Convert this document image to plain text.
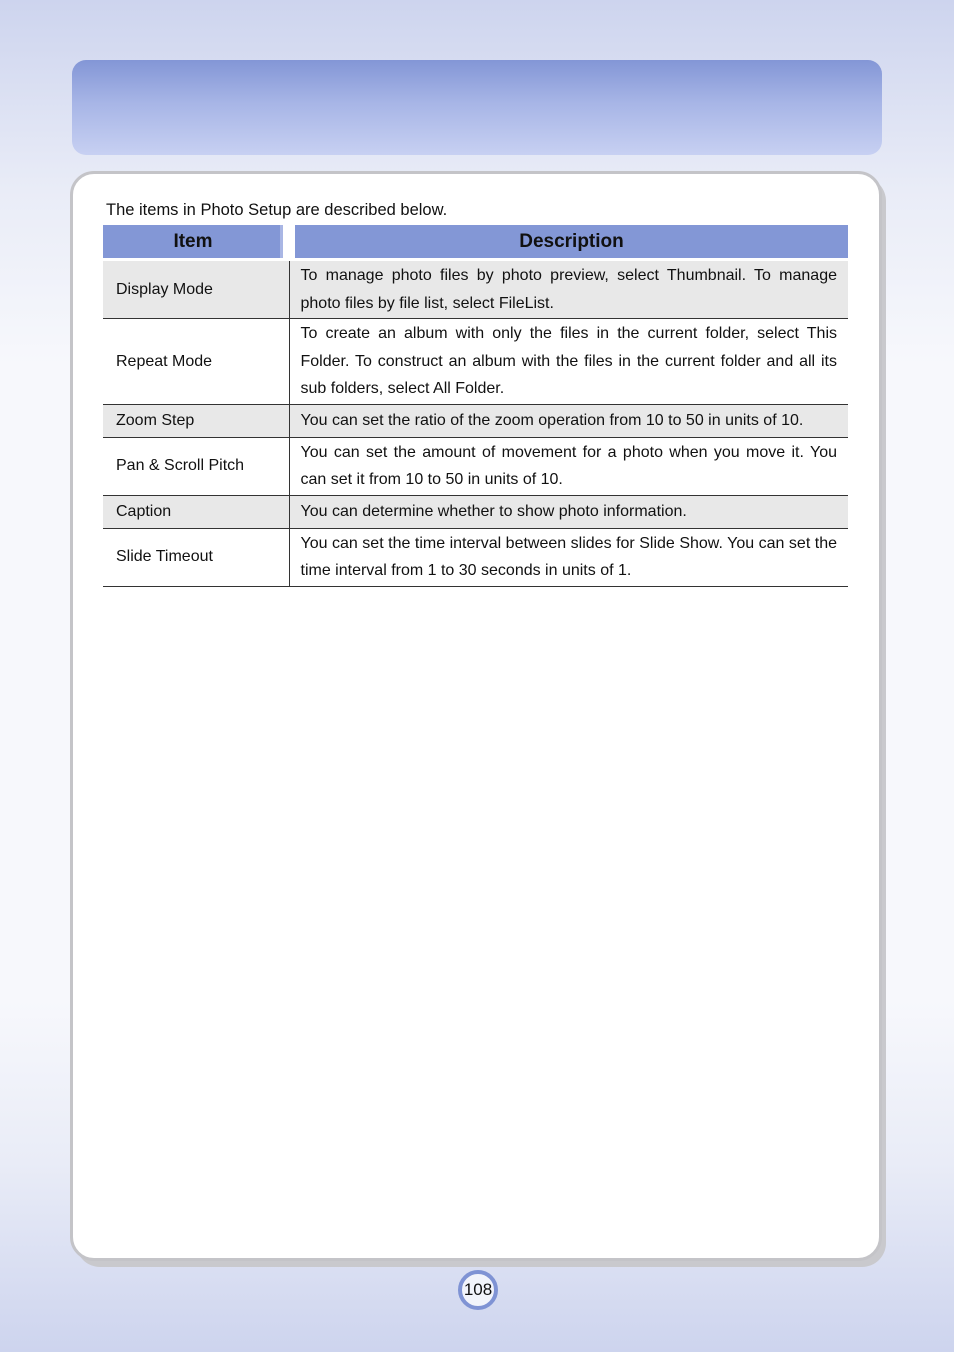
The items in Photo Setup are described below.
Item	Description
Display Mode	To manage photo files by photo preview, select Thumbnail. To manage photo files by file list, select FileList.
Repeat Mode	To create an album with only the files in the current folder, select This Folder. To construct an album with the files in the current folder and all its sub folders, select All Folder.
Zoom Step	You can set the ratio of the zoom operation from 10 to 50 in units of 10.
Pan & Scroll Pitch	You can set the amount of movement for a photo when you move it. You can set it from 10 to 50 in units of 10.
Caption	You can determine whether to show photo information.
Slide Timeout	You can set the time interval between slides for Slide Show. You can set the time interval from 1 to 30 seconds in units of 1.
108
